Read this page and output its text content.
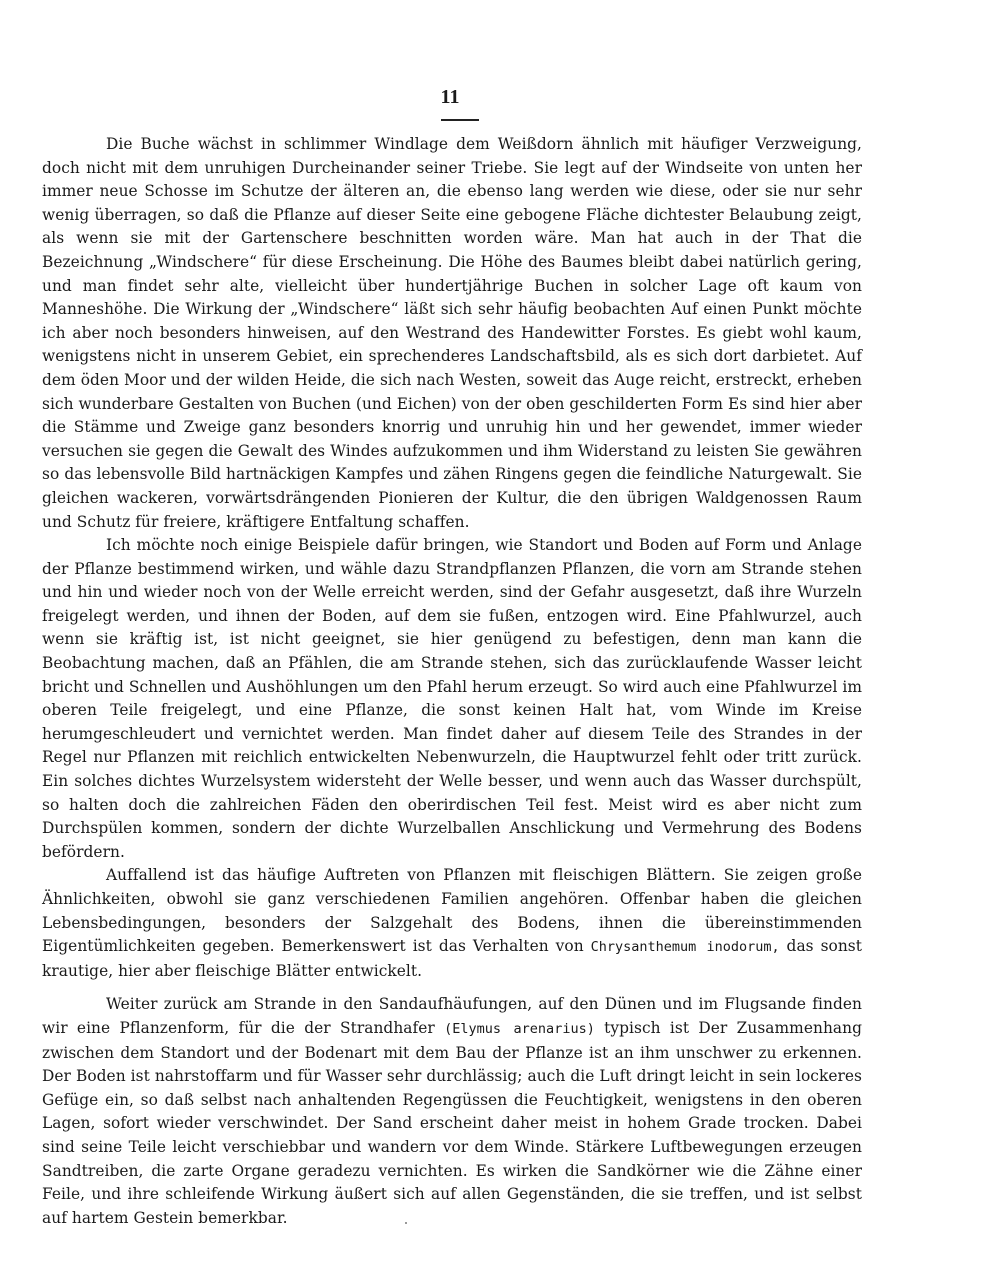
11

Die Buche wächst in schlimmer Windlage dem Weißdorn ähnlich mit häufiger Verzweigung, doch nicht mit dem unruhigen Durcheinander seiner Triebe. Sie legt auf der Windseite von unten her immer neue Schosse im Schutze der älteren an, die ebenso lang werden wie diese, oder sie nur sehr wenig überragen, so daß die Pflanze auf dieser Seite eine gebogene Fläche dichtester Belaubung zeigt, als wenn sie mit der Gartenschere beschnitten worden wäre. Man hat auch in der That die Bezeichnung „Windschere“ für diese Erscheinung. Die Höhe des Baumes bleibt dabei natürlich gering, und man findet sehr alte, vielleicht über hundertjährige Buchen in solcher Lage oft kaum von Manneshöhe. Die Wirkung der „Windschere“ läßt sich sehr häufig beobachten Auf einen Punkt möchte ich aber noch besonders hinweisen, auf den Westrand des Handewitter Forstes. Es giebt wohl kaum, wenigstens nicht in unserem Gebiet, ein sprechenderes Landschaftsbild, als es sich dort darbietet. Auf dem öden Moor und der wilden Heide, die sich nach Westen, soweit das Auge reicht, erstreckt, erheben sich wunderbare Gestalten von Buchen (und Eichen) von der oben geschilderten Form Es sind hier aber die Stämme und Zweige ganz besonders knorrig und unruhig hin und her gewendet, immer wieder versuchen sie gegen die Gewalt des Windes aufzukommen und ihm Widerstand zu leisten Sie gewähren so das lebensvolle Bild hartnäckigen Kampfes und zähen Ringens gegen die feindliche Naturgewalt. Sie gleichen wackeren, vorwärtsdrängenden Pionieren der Kultur, die den übrigen Waldgenossen Raum und Schutz für freiere, kräftigere Entfaltung schaffen.

Ich möchte noch einige Beispiele dafür bringen, wie Standort und Boden auf Form und Anlage der Pflanze bestimmend wirken, und wähle dazu Strandpflanzen Pflanzen, die vorn am Strande stehen und hin und wieder noch von der Welle erreicht werden, sind der Gefahr ausgesetzt, daß ihre Wurzeln freigelegt werden, und ihnen der Boden, auf dem sie fußen, entzogen wird. Eine Pfahlwurzel, auch wenn sie kräftig ist, ist nicht geeignet, sie hier genügend zu befestigen, denn man kann die Beobachtung machen, daß an Pfählen, die am Strande stehen, sich das zurücklaufende Wasser leicht bricht und Schnellen und Aushöhlungen um den Pfahl herum erzeugt. So wird auch eine Pfahlwurzel im oberen Teile freigelegt, und eine Pflanze, die sonst keinen Halt hat, vom Winde im Kreise herumgeschleudert und vernichtet werden. Man findet daher auf diesem Teile des Strandes in der Regel nur Pflanzen mit reichlich entwickelten Nebenwurzeln, die Hauptwurzel fehlt oder tritt zurück. Ein solches dichtes Wurzelsystem widersteht der Welle besser, und wenn auch das Wasser durchspült, so halten doch die zahlreichen Fäden den oberirdischen Teil fest. Meist wird es aber nicht zum Durchspülen kommen, sondern der dichte Wurzelballen Anschlickung und Vermehrung des Bodens befördern.

Auffallend ist das häufige Auftreten von Pflanzen mit fleischigen Blättern. Sie zeigen große Ähnlichkeiten, obwohl sie ganz verschiedenen Familien angehören. Offenbar haben die gleichen Lebensbedingungen, besonders der Salzgehalt des Bodens, ihnen die übereinstimmenden Eigentümlichkeiten gegeben. Bemerkenswert ist das Verhalten von Chrysanthemum inodorum, das sonst krautige, hier aber fleischige Blätter entwickelt.

Weiter zurück am Strande in den Sandaufhäufungen, auf den Dünen und im Flugsande finden wir eine Pflanzenform, für die der Strandhafer (Elymus arenarius) typisch ist Der Zusammenhang zwischen dem Standort und der Bodenart mit dem Bau der Pflanze ist an ihm unschwer zu erkennen. Der Boden ist nahrstoffarm und für Wasser sehr durchlässig; auch die Luft dringt leicht in sein lockeres Gefüge ein, so daß selbst nach anhaltenden Regengüssen die Feuchtigkeit, wenigstens in den oberen Lagen, sofort wieder verschwindet. Der Sand erscheint daher meist in hohem Grade trocken. Dabei sind seine Teile leicht verschiebbar und wandern vor dem Winde. Stärkere Luftbewegungen erzeugen Sandtreiben, die zarte Organe geradezu vernichten. Es wirken die Sandkörner wie die Zähne einer Feile, und ihre schleifende Wirkung äußert sich auf allen Gegenständen, die sie treffen, und ist selbst auf hartem Gestein bemerkbar.
